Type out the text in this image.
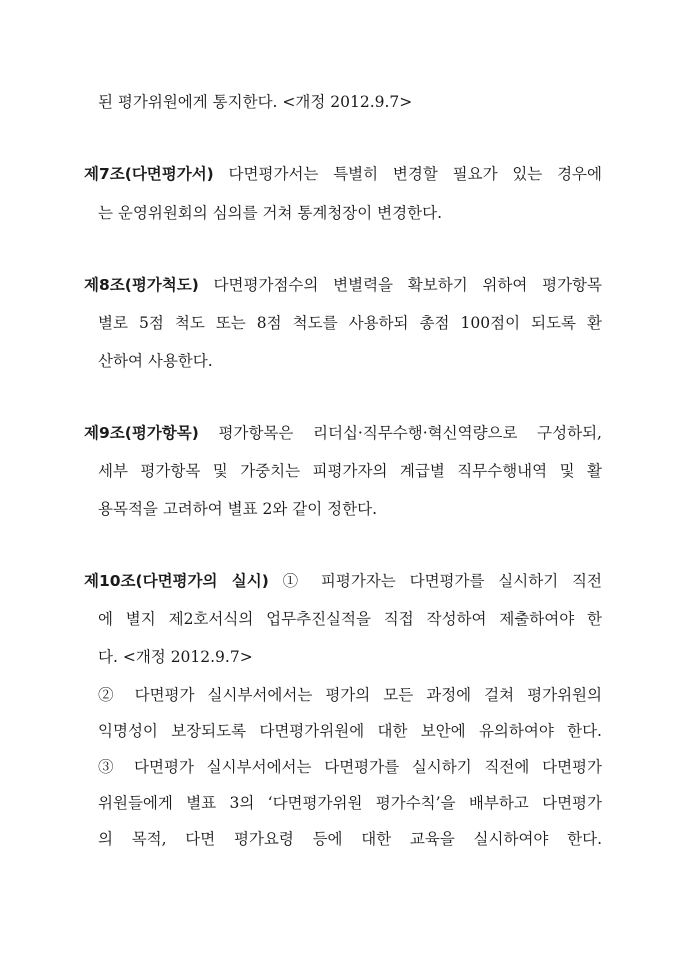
된 평가위원에게 통지한다. <개정 2012.9.7>
제7조(다면평가서) 다면평가서는 특별히 변경할 필요가 있는 경우에
는 운영위원회의 심의를 거쳐 통계청장이 변경한다.
제8조(평가척도) 다면평가점수의 변별력을 확보하기 위하여 평가항목
별로 5점 척도 또는 8점 척도를 사용하되 총점 100점이 되도록 환
산하여 사용한다.
제9조(평가항목) 평가항목은 리더십·직무수행·혁신역량으로 구성하되,
세부 평가항목 및 가중치는 피평가자의 계급별 직무수행내역 및 활
용목적을 고려하여 별표 2와 같이 정한다.
제10조(다면평가의 실시) ① 피평가자는 다면평가를 실시하기 직전
에 별지 제2호서식의 업무추진실적을 직접 작성하여 제출하여야 한
다. <개정 2012.9.7>
② 다면평가 실시부서에서는 평가의 모든 과정에 걸쳐 평가위원의
익명성이 보장되도록 다면평가위원에 대한 보안에 유의하여야 한다.
③ 다면평가 실시부서에서는 다면평가를 실시하기 직전에 다면평가
위원들에게 별표 3의 ‘다면평가위원 평가수칙’을 배부하고 다면평가
의 목적, 다면 평가요령 등에 대한 교육을 실시하여야 한다.
